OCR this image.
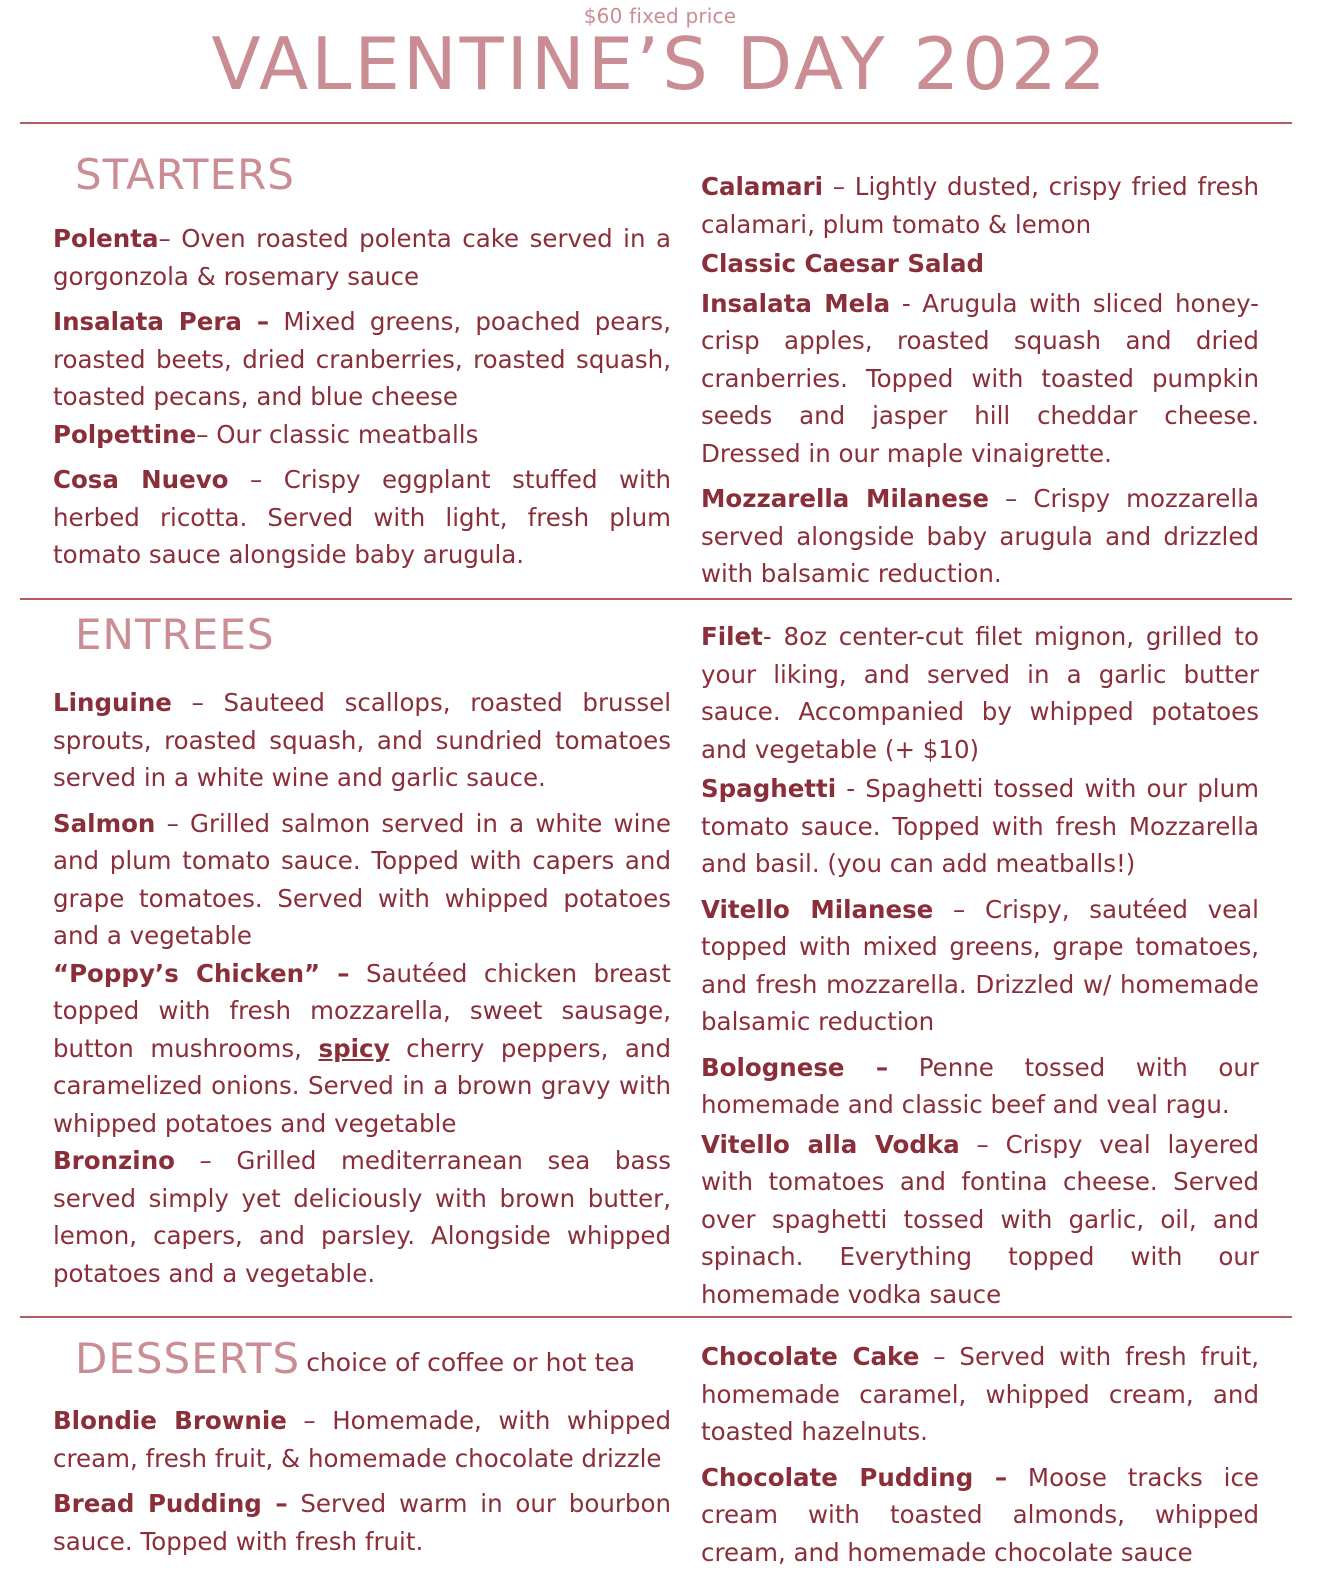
$60 fixed price
VALENTINE’S DAY 2022
STARTERS

Polenta– Oven roasted polenta cake served in a gorgonzola & rosemary sauce

Insalata Pera – Mixed greens, poached pears, roasted beets, dried cranberries, roasted squash, toasted pecans, and blue cheese

Polpettine– Our classic meatballs

Cosa Nuevo – Crispy eggplant stuffed with herbed ricotta. Served with light, fresh plum tomato sauce alongside baby arugula.

Calamari – Lightly dusted, crispy fried fresh calamari, plum tomato & lemon

Classic Caesar Salad

Insalata Mela - Arugula with sliced honey-crisp apples, roasted squash and dried cranberries. Topped with toasted pumpkin seeds and jasper hill cheddar cheese. Dressed in our maple vinaigrette.

Mozzarella Milanese – Crispy mozzarella served alongside baby arugula and drizzled with balsamic reduction.

ENTREES

Linguine – Sauteed scallops, roasted brussel sprouts, roasted squash, and sundried tomatoes served in a white wine and garlic sauce.

Salmon – Grilled salmon served in a white wine and plum tomato sauce. Topped with capers and grape tomatoes. Served with whipped potatoes and a vegetable

“Poppy’s Chicken” – Sautéed chicken breast topped with fresh mozzarella, sweet sausage, button mushrooms, spicy cherry peppers, and caramelized onions. Served in a brown gravy with whipped potatoes and vegetable

Bronzino – Grilled mediterranean sea bass served simply yet deliciously with brown butter, lemon, capers, and parsley. Alongside whipped potatoes and a vegetable.

Filet- 8oz center-cut filet mignon, grilled to your liking, and served in a garlic butter sauce. Accompanied by whipped potatoes and vegetable (+ $10)

Spaghetti - Spaghetti tossed with our plum tomato sauce. Topped with fresh Mozzarella and basil. (you can add meatballs!)

Vitello Milanese – Crispy, sautéed veal topped with mixed greens, grape tomatoes, and fresh mozzarella. Drizzled w/ homemade balsamic reduction

Bolognese – Penne tossed with our homemade and classic beef and veal ragu.

Vitello alla Vodka – Crispy veal layered with tomatoes and fontina cheese. Served over spaghetti tossed with garlic, oil, and spinach. Everything topped with our homemade vodka sauce

DESSERTS choice of coffee or hot tea

Blondie Brownie – Homemade, with whipped cream, fresh fruit, & homemade chocolate drizzle

Bread Pudding – Served warm in our bourbon sauce. Topped with fresh fruit.

Chocolate Cake – Served with fresh fruit, homemade caramel, whipped cream, and toasted hazelnuts.

Chocolate Pudding – Moose tracks ice cream with toasted almonds, whipped cream, and homemade chocolate sauce
